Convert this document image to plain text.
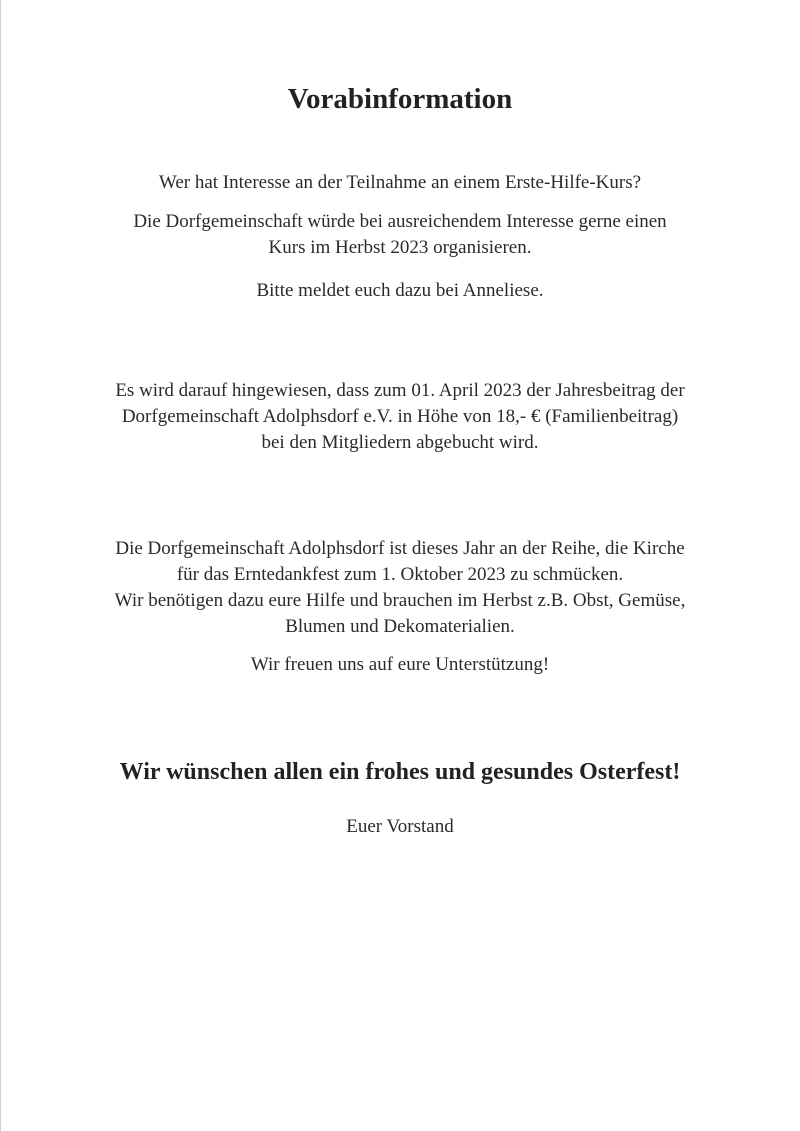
Vorabinformation
Wer hat Interesse an der Teilnahme an einem Erste-Hilfe-Kurs?
Die Dorfgemeinschaft würde bei ausreichendem Interesse gerne einen
Kurs im Herbst 2023 organisieren.
Bitte meldet euch dazu bei Anneliese.
Es wird darauf hingewiesen, dass zum 01. April 2023 der Jahresbeitrag der
Dorfgemeinschaft Adolphsdorf e.V. in Höhe von 18,- € (Familienbeitrag)
bei den Mitgliedern abgebucht wird.
Die Dorfgemeinschaft Adolphsdorf ist dieses Jahr an der Reihe, die Kirche
für das Erntedankfest zum 1. Oktober 2023 zu schmücken.
Wir benötigen dazu eure Hilfe und brauchen im Herbst z.B. Obst, Gemüse,
Blumen und Dekomaterialien.
Wir freuen uns auf eure Unterstützung!
Wir wünschen allen ein frohes und gesundes Osterfest!
Euer Vorstand
